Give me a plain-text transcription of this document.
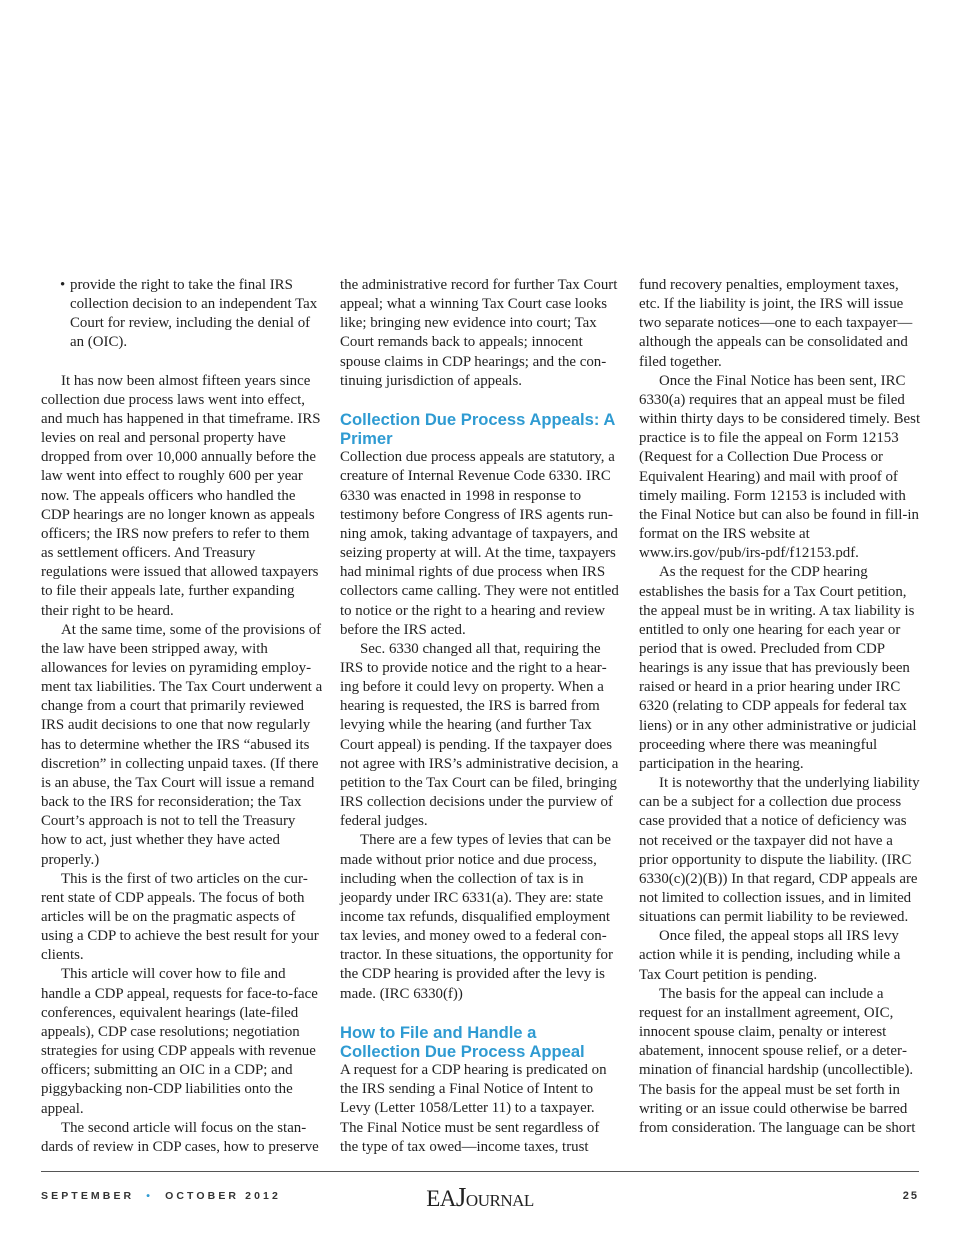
• provide the right to take the final IRS collection decision to an independent Tax Court for review, including the denial of an (OIC).

It has now been almost fifteen years since collection due process laws went into effect, and much has happened in that timeframe. IRS levies on real and personal property have dropped from over 10,000 annually before the law went into effect to roughly 600 per year now. The appeals officers who handled the CDP hearings are no longer known as appeals officers; the IRS now prefers to refer to them as settlement officers. And Treasury regulations were issued that allowed taxpayers to file their appeals late, further expanding their right to be heard.

At the same time, some of the provisions of the law have been stripped away, with allowances for levies on pyramiding employment tax liabilities. The Tax Court underwent a change from a court that primarily reviewed IRS audit decisions to one that now regularly has to determine whether the IRS “abused its discretion” in collecting unpaid taxes. (If there is an abuse, the Tax Court will issue a remand back to the IRS for reconsideration; the Tax Court’s approach is not to tell the Treasury how to act, just whether they have acted properly.)

This is the first of two articles on the current state of CDP appeals. The focus of both articles will be on the pragmatic aspects of using a CDP to achieve the best result for your clients.

This article will cover how to file and handle a CDP appeal, requests for face-to-face conferences, equivalent hearings (late-filed appeals), CDP case resolutions; negotiation strategies for using CDP appeals with revenue officers; submitting an OIC in a CDP; and piggybacking non-CDP liabilities onto the appeal.

The second article will focus on the standards of review in CDP cases, how to preserve

the administrative record for further Tax Court appeal; what a winning Tax Court case looks like; bringing new evidence into court; Tax Court remands back to appeals; innocent spouse claims in CDP hearings; and the continuing jurisdiction of appeals.

Collection Due Process Appeals: A Primer

Collection due process appeals are statutory, a creature of Internal Revenue Code 6330. IRC 6330 was enacted in 1998 in response to testimony before Congress of IRS agents running amok, taking advantage of taxpayers, and seizing property at will. At the time, taxpayers had minimal rights of due process when IRS collectors came calling. They were not entitled to notice or the right to a hearing and review before the IRS acted.

Sec. 6330 changed all that, requiring the IRS to provide notice and the right to a hearing before it could levy on property. When a hearing is requested, the IRS is barred from levying while the hearing (and further Tax Court appeal) is pending. If the taxpayer does not agree with IRS’s administrative decision, a petition to the Tax Court can be filed, bringing IRS collection decisions under the purview of federal judges.

There are a few types of levies that can be made without prior notice and due process, including when the collection of tax is in jeopardy under IRC 6331(a). They are: state income tax refunds, disqualified employment tax levies, and money owed to a federal contractor. In these situations, the opportunity for the CDP hearing is provided after the levy is made. (IRC 6330(f))

How to File and Handle a Collection Due Process Appeal

A request for a CDP hearing is predicated on the IRS sending a Final Notice of Intent to Levy (Letter 1058/Letter 11) to a taxpayer. The Final Notice must be sent regardless of the type of tax owed—income taxes, trust

fund recovery penalties, employment taxes, etc. If the liability is joint, the IRS will issue two separate notices—one to each taxpayer—although the appeals can be consolidated and filed together.

Once the Final Notice has been sent, IRC 6330(a) requires that an appeal must be filed within thirty days to be considered timely. Best practice is to file the appeal on Form 12153 (Request for a Collection Due Process or Equivalent Hearing) and mail with proof of timely mailing. Form 12153 is included with the Final Notice but can also be found in fill-in format on the IRS website at www.irs.gov/pub/irs-pdf/f12153.pdf.

As the request for the CDP hearing establishes the basis for a Tax Court petition, the appeal must be in writing. A tax liability is entitled to only one hearing for each year or period that is owed. Precluded from CDP hearings is any issue that has previously been raised or heard in a prior hearing under IRC 6320 (relating to CDP appeals for federal tax liens) or in any other administrative or judicial proceeding where there was meaningful participation in the hearing.

It is noteworthy that the underlying liability can be a subject for a collection due process case provided that a notice of deficiency was not received or the taxpayer did not have a prior opportunity to dispute the liability. (IRC 6330(c)(2)(B)) In that regard, CDP appeals are not limited to collection issues, and in limited situations can permit liability to be reviewed.

Once filed, the appeal stops all IRS levy action while it is pending, including while a Tax Court petition is pending.

The basis for the appeal can include a request for an installment agreement, OIC, innocent spouse claim, penalty or interest abatement, innocent spouse relief, or a determination of financial hardship (uncollectible). The basis for the appeal must be set forth in writing or an issue could otherwise be barred from consideration. The language can be short

SEPTEMBER • OCTOBER 2012	EAJOURNAL	25
